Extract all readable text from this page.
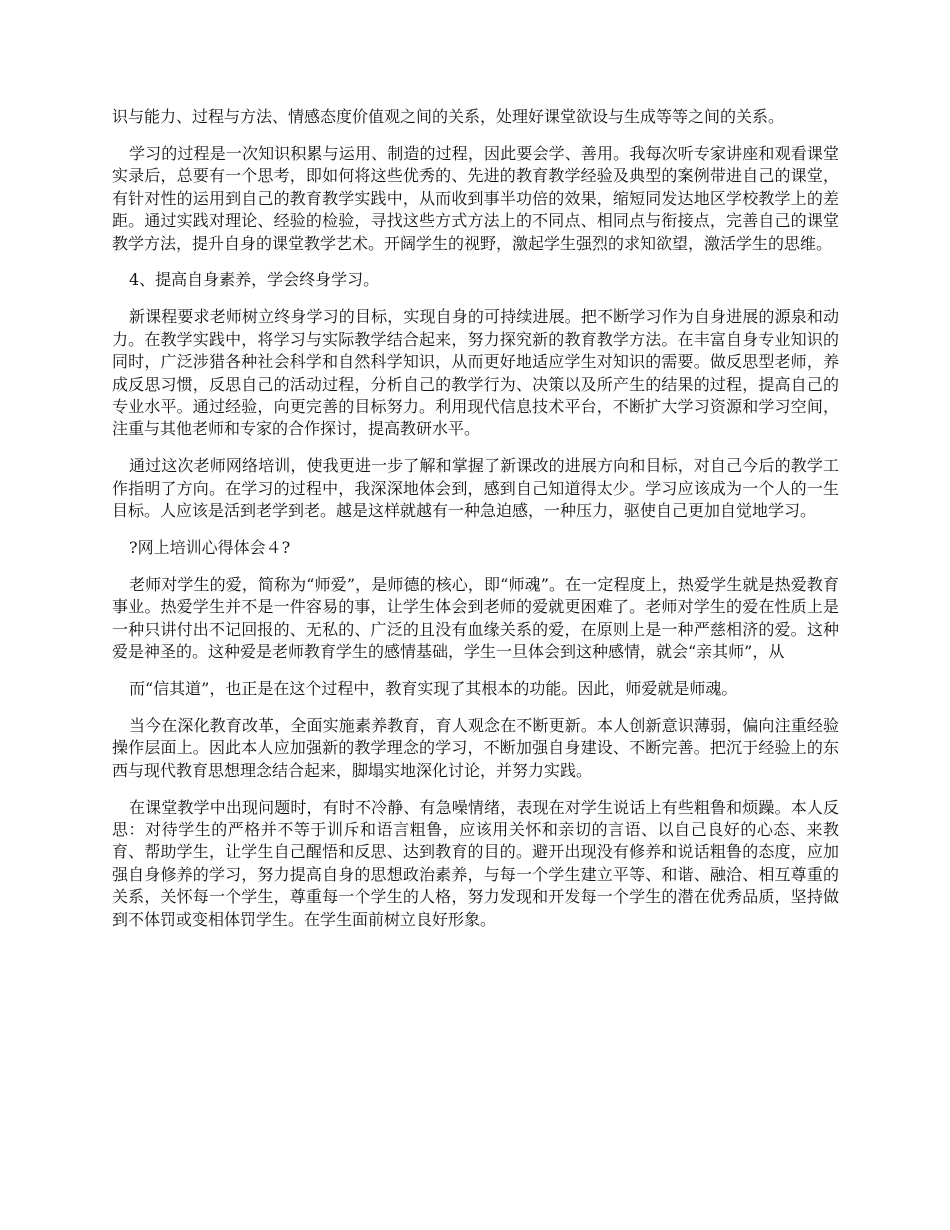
识与能力、过程与方法、情感态度价值观之间的关系，处理好课堂欲设与生成等等之间的关系。

学习的过程是一次知识积累与运用、制造的过程，因此要会学、善用。我每次听专家讲座和观看课堂实录后，总要有一个思考，即如何将这些优秀的、先进的教育教学经验及典型的案例带进自己的课堂，有针对性的运用到自己的教育教学实践中，从而收到事半功倍的效果，缩短同发达地区学校教学上的差距。通过实践对理论、经验的检验，寻找这些方式方法上的不同点、相同点与衔接点，完善自己的课堂教学方法，提升自身的课堂教学艺术。开阔学生的视野，激起学生强烈的求知欲望，激活学生的思维。

4、提高自身素养，学会终身学习。

新课程要求老师树立终身学习的目标，实现自身的可持续进展。把不断学习作为自身进展的源泉和动力。在教学实践中，将学习与实际教学结合起来，努力探究新的教育教学方法。在丰富自身专业知识的同时，广泛涉猎各种社会科学和自然科学知识，从而更好地适应学生对知识的需要。做反思型老师，养成反思习惯，反思自己的活动过程，分析自己的教学行为、决策以及所产生的结果的过程，提高自己的专业水平。通过经验，向更完善的目标努力。利用现代信息技术平台，不断扩大学习资源和学习空间，注重与其他老师和专家的合作探讨，提高教研水平。

通过这次老师网络培训，使我更进一步了解和掌握了新课改的进展方向和目标，对自己今后的教学工作指明了方向。在学习的过程中，我深深地体会到，感到自己知道得太少。学习应该成为一个人的一生目标。人应该是活到老学到老。越是这样就越有一种急迫感，一种压力，驱使自己更加自觉地学习。

?网上培训心得体会４?

老师对学生的爱，简称为“师爱”，是师德的核心，即“师魂”。在一定程度上，热爱学生就是热爱教育事业。热爱学生并不是一件容易的事，让学生体会到老师的爱就更困难了。老师对学生的爱在性质上是一种只讲付出不记回报的、无私的、广泛的且没有血缘关系的爱，在原则上是一种严慈相济的爱。这种爱是神圣的。这种爱是老师教育学生的感情基础，学生一旦体会到这种感情，就会“亲其师”，从

而“信其道”，也正是在这个过程中，教育实现了其根本的功能。因此，师爱就是师魂。

当今在深化教育改革，全面实施素养教育，育人观念在不断更新。本人创新意识薄弱，偏向注重经验操作层面上。因此本人应加强新的教学理念的学习，不断加强自身建设、不断完善。把沉于经验上的东西与现代教育思想理念结合起来，脚塌实地深化讨论，并努力实践。

在课堂教学中出现问题时，有时不冷静、有急噪情绪，表现在对学生说话上有些粗鲁和烦躁。本人反思：对待学生的严格并不等于训斥和语言粗鲁，应该用关怀和亲切的言语、以自己良好的心态、来教育、帮助学生，让学生自己醒悟和反思、达到教育的目的。避开出现没有修养和说话粗鲁的态度，应加强自身修养的学习，努力提高自身的思想政治素养，与每一个学生建立平等、和谐、融洽、相互尊重的关系，关怀每一个学生，尊重每一个学生的人格，努力发现和开发每一个学生的潜在优秀品质，坚持做到不体罚或变相体罚学生。在学生面前树立良好形象。
